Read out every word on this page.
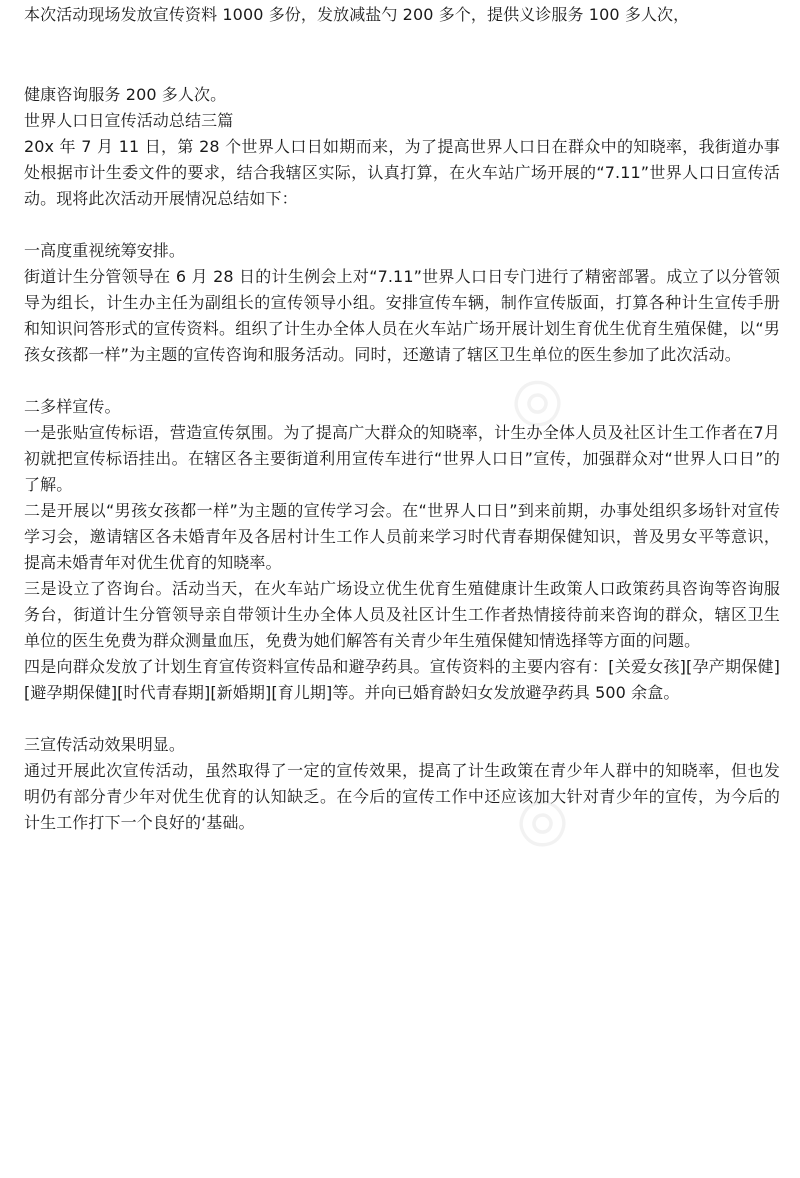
◎
◎

本次活动现场发放宣传资料 1000 多份，发放减盐勺 200 多个，提供义诊服务 100 多人次，

健康咨询服务 200 多人次。

世界人口日宣传活动总结三篇

20x 年 7 月 11 日，第 28 个世界人口日如期而来，为了提高世界人口日在群众中的知晓率，我街道办事处根据市计生委文件的要求，结合我辖区实际，认真打算，在火车站广场开展的“7.11”世界人口日宣传活动。现将此次活动开展情况总结如下：

一高度重视统筹安排。

街道计生分管领导在 6 月 28 日的计生例会上对“7.11”世界人口日专门进行了精密部署。成立了以分管领导为组长，计生办主任为副组长的宣传领导小组。安排宣传车辆，制作宣传版面，打算各种计生宣传手册和知识问答形式的宣传资料。组织了计生办全体人员在火车站广场开展计划生育优生优育生殖保健，以“男孩女孩都一样”为主题的宣传咨询和服务活动。同时，还邀请了辖区卫生单位的医生参加了此次活动。

二多样宣传。

一是张贴宣传标语，营造宣传氛围。为了提高广大群众的知晓率，计生办全体人员及社区计生工作者在7月初就把宣传标语挂出。在辖区各主要街道利用宣传车进行“世界人口日”宣传，加强群众对“世界人口日”的了解。

二是开展以“男孩女孩都一样”为主题的宣传学习会。在“世界人口日”到来前期，办事处组织多场针对宣传学习会，邀请辖区各未婚青年及各居村计生工作人员前来学习时代青春期保健知识，普及男女平等意识，提高未婚青年对优生优育的知晓率。

三是设立了咨询台。活动当天，在火车站广场设立优生优育生殖健康计生政策人口政策药具咨询等咨询服务台，街道计生分管领导亲自带领计生办全体人员及社区计生工作者热情接待前来咨询的群众，辖区卫生单位的医生免费为群众测量血压，免费为她们解答有关青少年生殖保健知情选择等方面的问题。

四是向群众发放了计划生育宣传资料宣传品和避孕药具。宣传资料的主要内容有：[关爱女孩][孕产期保健][避孕期保健][时代青春期][新婚期][育儿期]等。并向已婚育龄妇女发放避孕药具 500 余盒。

三宣传活动效果明显。

通过开展此次宣传活动，虽然取得了一定的宣传效果，提高了计生政策在青少年人群中的知晓率，但也发明仍有部分青少年对优生优育的认知缺乏。在今后的宣传工作中还应该加大针对青少年的宣传，为今后的计生工作打下一个良好的‘基础。
